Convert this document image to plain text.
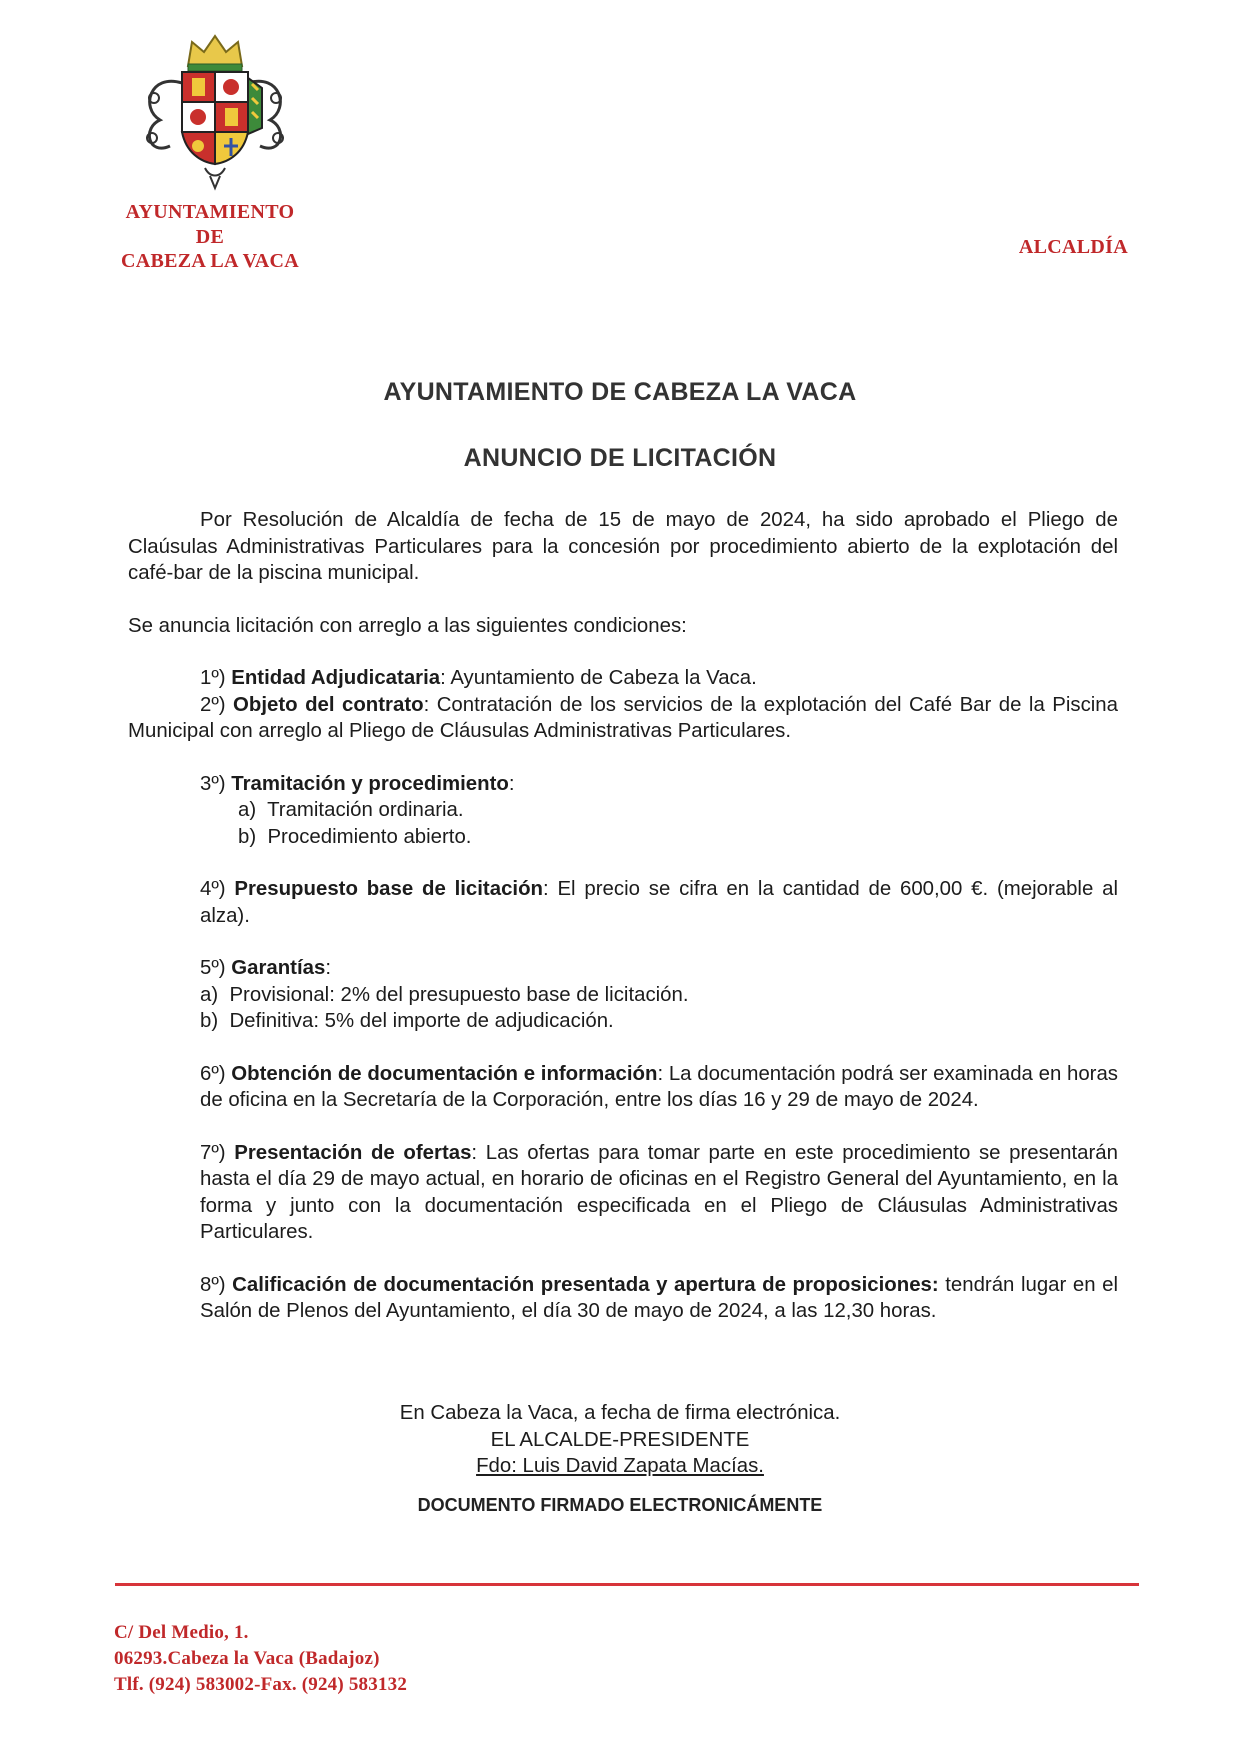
AYUNTAMIENTO
DE
CABEZA LA VACA
ALCALDÍA
AYUNTAMIENTO DE CABEZA LA VACA
ANUNCIO DE LICITACIÓN

Por Resolución de Alcaldía de fecha de 15 de mayo de 2024, ha sido aprobado el Pliego de Claúsulas Administrativas Particulares para la concesión por procedimiento abierto de la explotación del café-bar de la piscina municipal.

Se anuncia licitación con arreglo a las siguientes condiciones:

1º) Entidad Adjudicataria: Ayuntamiento de Cabeza la Vaca.

2º) Objeto del contrato: Contratación de los servicios de la explotación del Café Bar de la Piscina Municipal con arreglo al Pliego de Cláusulas Administrativas Particulares.

3º) Tramitación y procedimiento:

a)  Tramitación ordinaria.

b)  Procedimiento abierto.

4º) Presupuesto base de licitación: El precio se cifra en la cantidad de 600,00 €. (mejorable al alza).

5º) Garantías:

a)  Provisional: 2% del presupuesto base de licitación.

b)  Definitiva: 5% del importe de adjudicación.

6º) Obtención de documentación e información: La documentación podrá ser examinada en horas de oficina en la Secretaría de la Corporación, entre los días 16 y 29 de mayo de 2024.

7º) Presentación de ofertas: Las ofertas para tomar parte en este procedimiento se presentarán hasta el día 29 de mayo actual, en horario de oficinas en el Registro General del Ayuntamiento, en la forma y junto con la documentación especificada en el Pliego de Cláusulas Administrativas Particulares.

8º) Calificación de documentación presentada y apertura de proposiciones: tendrán lugar en el Salón de Plenos del Ayuntamiento, el día 30 de mayo de 2024, a las 12,30 horas.

En Cabeza la Vaca, a fecha de firma electrónica.
EL ALCALDE-PRESIDENTE
Fdo: Luis David Zapata Macías.
DOCUMENTO FIRMADO ELECTRONICÁMENTE
C/ Del Medio, 1.
06293.Cabeza la Vaca (Badajoz)
Tlf. (924) 583002-Fax. (924) 583132
